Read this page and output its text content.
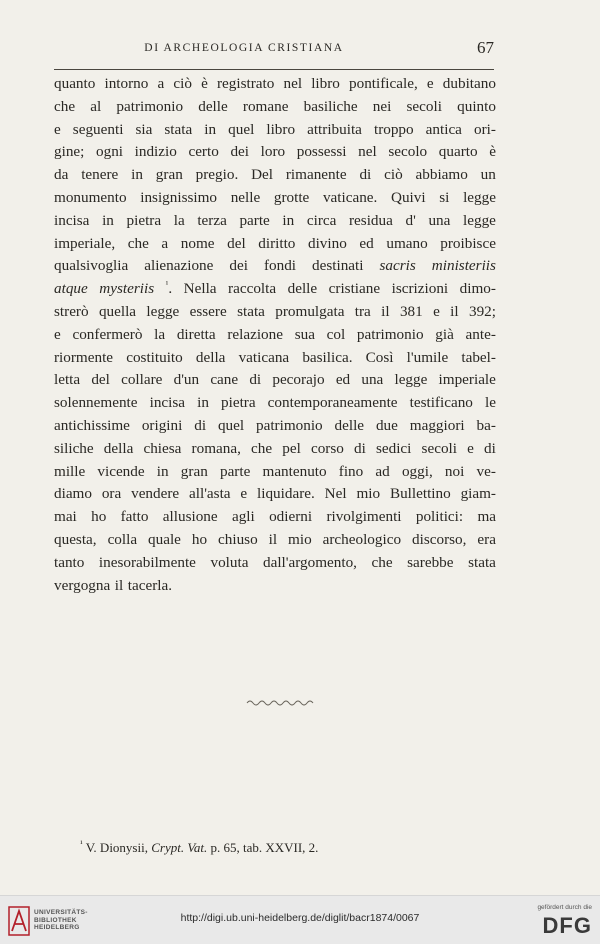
DI ARCHEOLOGIA CRISTIANA	67
quanto intorno a ciò è registrato nel libro pontificale, e dubitano
che al patrimonio delle romane basiliche nei secoli quinto
e seguenti sia stata in quel libro attribuita troppo antica ori-
gine; ogni indizio certo dei loro possessi nel secolo quarto è
da tenere in gran pregio. Del rimanente di ciò abbiamo un
monumento insignissimo nelle grotte vaticane. Quivi si legge
incisa in pietra la terza parte in circa residua d' una legge
imperiale, che a nome del diritto divino ed umano proibisce
qualsivoglia alienazione dei fondi destinati sacris ministeriis
atque mysteriis $^{^1}$. Nella raccolta delle cristiane iscrizioni dimo-
strerò quella legge essere stata promulgata tra il 381 e il 392;
e confermerò la diretta relazione sua col patrimonio già ante-
riormente costituito della vaticana basilica. Così l'umile tabel-
letta del collare d'un cane di pecorajo ed una legge imperiale
solennemente incisa in pietra contemporaneamente testificano le
antichissime origini di quel patrimonio delle due maggiori ba-
siliche della chiesa romana, che pel corso di sedici secoli e di
mille vicende in gran parte mantenuto fino ad oggi, noi ve-
diamo ora vendere all'asta e liquidare. Nel mio Bullettino giam-
mai ho fatto allusione agli odierni rivolgimenti politici: ma
questa, colla quale ho chiuso il mio archeologico discorso, era
tanto inesorabilmente voluta dall'argomento, che sarebbe stata
vergogna il tacerla.
$^{^1}$ V. Dionysii, Crypt. Vat. p. 65, tab. XXVII, 2.
UNIVERSITÄTS-
BIBLIOTHEK
HEIDELBERG
http://digi.ub.uni-heidelberg.de/diglit/bacr1874/0067
gefördert durch die
DFG
